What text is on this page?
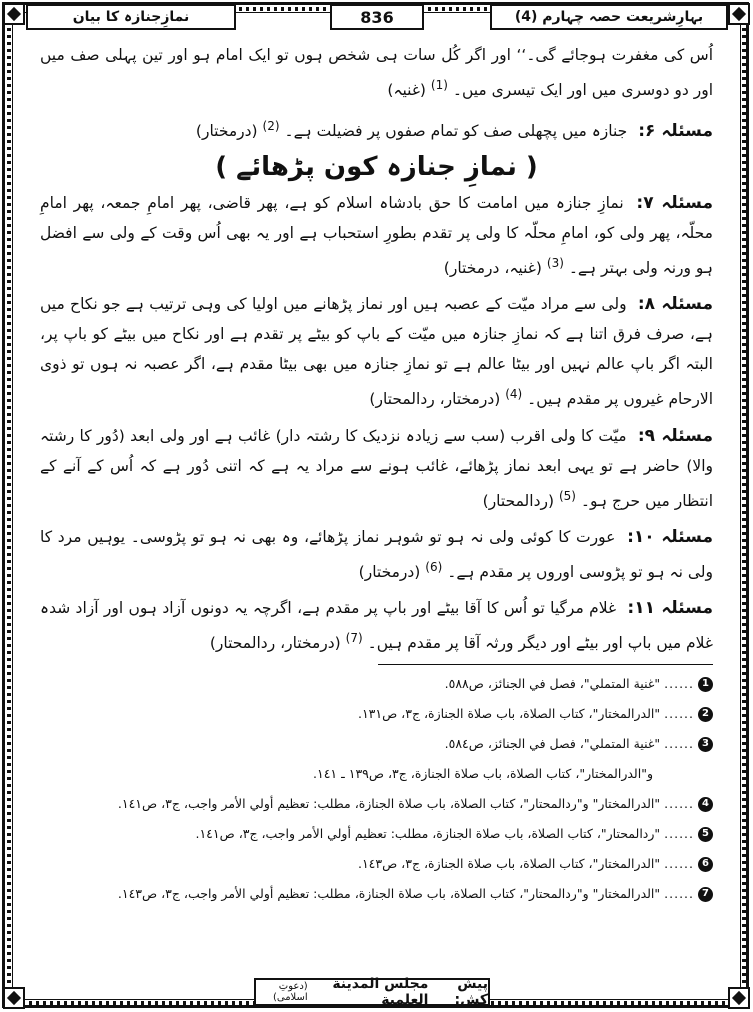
نمازِجنازہ کا بیان	836	بہارِشریعت حصہ چہارم (4)

اُس کی مغفرت ہوجائے گی۔‘‘ اور اگر کُل سات ہی شخص ہوں تو ایک امام ہو اور تین پہلی صف میں اور دو دوسری میں اور ایک تیسری میں۔ $^{(1)}$ (غنیہ)

مسئلہ ۶: جنازہ میں پچھلی صف کو تمام صفوں پر فضیلت ہے۔ $^{(2)}$ (درمختار)

( نمازِ جنازہ کون پڑھائے )

مسئلہ ۷: نمازِ جنازہ میں امامت کا حق بادشاہ اسلام کو ہے، پھر قاضی، پھر امامِ جمعہ، پھر امامِ محلّہ، پھر ولی کو، امامِ محلّہ کا ولی پر تقدم بطورِ استحباب ہے اور یہ بھی اُس وقت کے ولی سے افضل ہو ورنہ ولی بہتر ہے۔ $^{(3)}$ (غنیہ، درمختار)

مسئلہ ۸: ولی سے مراد میّت کے عصبہ ہیں اور نماز پڑھانے میں اولیا کی وہی ترتیب ہے جو نکاح میں ہے، صرف فرق اتنا ہے کہ نمازِ جنازہ میں میّت کے باپ کو بیٹے پر تقدم ہے اور نکاح میں بیٹے کو باپ پر، البتہ اگر باپ عالم نہیں اور بیٹا عالم ہے تو نمازِ جنازہ میں بھی بیٹا مقدم ہے، اگر عصبہ نہ ہوں تو ذوی الارحام غیروں پر مقدم ہیں۔ $^{(4)}$ (درمختار، ردالمحتار)

مسئلہ ۹: میّت کا ولی اقرب (سب سے زیادہ نزدیک کا رشتہ دار) غائب ہے اور ولی ابعد (دُور کا رشتہ والا) حاضر ہے تو یہی ابعد نماز پڑھائے، غائب ہونے سے مراد یہ ہے کہ اتنی دُور ہے کہ اُس کے آنے کے انتظار میں حرج ہو۔ $^{(5)}$ (ردالمحتار)

مسئلہ ۱۰: عورت کا کوئی ولی نہ ہو تو شوہر نماز پڑھائے، وہ بھی نہ ہو تو پڑوسی۔ یوہیں مرد کا ولی نہ ہو تو پڑوسی اوروں پر مقدم ہے۔ $^{(6)}$ (درمختار)

مسئلہ ۱۱: غلام مرگیا تو اُس کا آقا بیٹے اور باپ پر مقدم ہے، اگرچہ یہ دونوں آزاد ہوں اور آزاد شدہ غلام میں باپ اور بیٹے اور دیگر ورثہ آقا پر مقدم ہیں۔ $^{(7)}$ (درمختار، ردالمحتار)

1
......
"غنية المتملي"، فصل في الجنائز، ص٥٨٨.
2
......
"الدرالمختار"، كتاب الصلاة، باب صلاة الجنازة، ج٣، ص١٣١.
3
......
"غنية المتملي"، فصل في الجنائز، ص٥٨٤.
و"الدرالمختار"، كتاب الصلاة، باب صلاة الجنازة، ج٣، ص١٣٩ ـ ١٤١.
4
......
"الدرالمختار" و"ردالمحتار"، كتاب الصلاة، باب صلاة الجنازة، مطلب: تعظيم أولي الأمر واجب، ج٣، ص١٤١.
5
......
"ردالمحتار"، كتاب الصلاة، باب صلاة الجنازة، مطلب: تعظيم أولي الأمر واجب، ج٣، ص١٤١.
6
......
"الدرالمختار"، كتاب الصلاة، باب صلاة الجنازة، ج٣، ص١٤٣.
7
......
"الدرالمختار" و"ردالمحتار"، كتاب الصلاة، باب صلاة الجنازة، مطلب: تعظيم أولي الأمر واجب، ج٣، ص١٤٣.
پیش کش:
مجلس المدینة العلمیة
(دعوتِ اسلامی)
